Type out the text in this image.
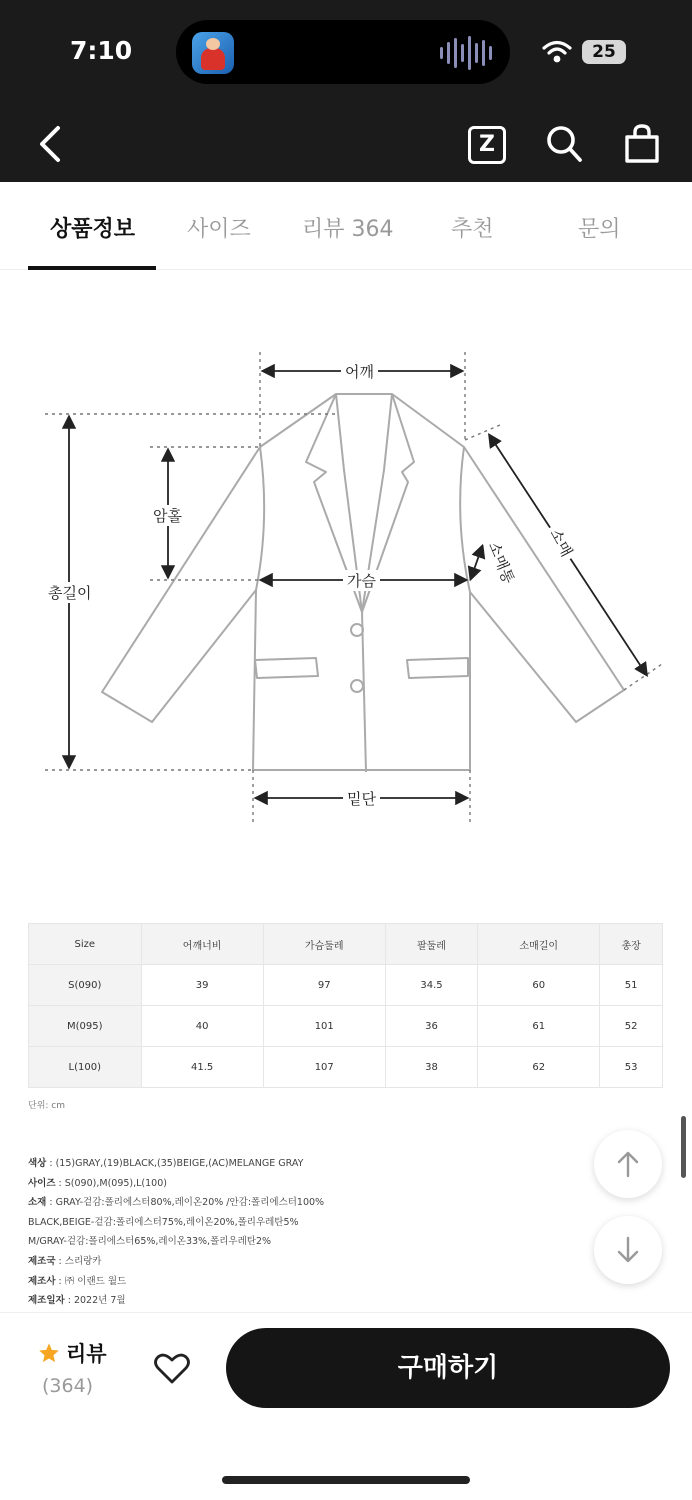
7:10	25
Z
상품정보 사이즈 리뷰 364	추천	문의
어깨
암홀
총길이
가슴
밑단
소매
소매통
Size	어깨너비	가슴둘레	팔둘레	소매길이	총장
S(090)	39	97	34.5	60	51
M(095)	40	101	36	61	52
L(100)	41.5	107	38	62	53
단위: cm
색상 : (15)GRAY,(19)BLACK,(35)BEIGE,(AC)MELANGE GRAY
사이즈 : S(090),M(095),L(100)
소재 : GRAY-겉감:폴리에스터80%,레이온20% /안감:폴리에스터100%
BLACK,BEIGE-겉감:폴리에스터75%,레이온20%,폴리우레탄5%
M/GRAY-겉감:폴리에스터65%,레이온33%,폴리우레탄2%
제조국 : 스리랑카
제조사 : ㈜ 이랜드 월드
제조일자 : 2022년 7월
리뷰
(364)
구매하기
